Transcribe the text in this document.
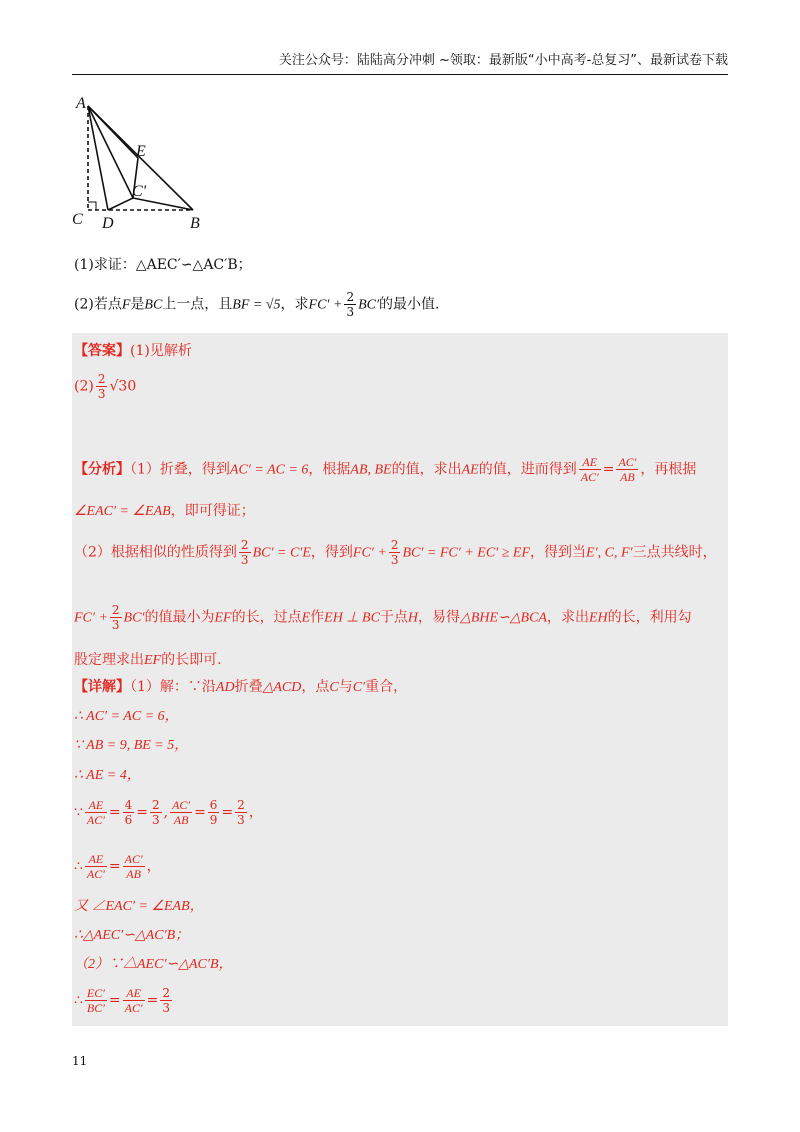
关注公众号：陆陆高分冲刺 ~领取：最新版“小中高考-总复习”、最新试卷下载
A
E
C'
C D	B
(1)求证：△AEC′∽△AC′B；
(2)若点F是BC上一点，且BF = √5，求$FC' + \frac{2}{3} BC'$的最小值.
【答案】(1)见解析
$(2) \frac{2}{3} √30$
【分析】（1）折叠，得到AC′ = AC = 6，根据AB, BE的值，求出AE的值，进而得到 $\frac{AE}{AC'} = \frac{AC'}{AB}$ ，再根据
∠EAC′ = ∠EAB，即可得证；
（2）根据相似的性质得到 $\frac{2}{3} BC' = C'E$，得到$FC' + \frac{2}{3} BC' = FC' + EC'$ ≥ EF，得到当E′, C, F′三点共线时，
$FC' + \frac{2}{3} BC'$的值最小为EF的长，过点E作EH ⊥ BC于点H，易得△BHE∽△BCA，求出EH的长，利用勾
股定理求出EF的长即可.
【详解】（1）解：∵沿AD折叠△ACD，点C与C′重合，
∴ AC′ = AC = 6，
∵ AB = 9, BE = 5，
∴ AE = 4，
∵ $\frac{AE}{AC'} = \frac{4}{6} = \frac{2}{3}$ , $\frac{AC'}{AB} = \frac{6}{9} = \frac{2}{3}$ ，
∴ $\frac{AE}{AC'} = \frac{AC'}{AB}$ ，
又 ∠EAC′ = ∠EAB，
∴△AEC′∽△AC′B；
（2）∵△AEC′∽△AC′B，
∴ $\frac{EC'}{BC'} = \frac{AE}{AC'} = \frac{2}{3}$
11
